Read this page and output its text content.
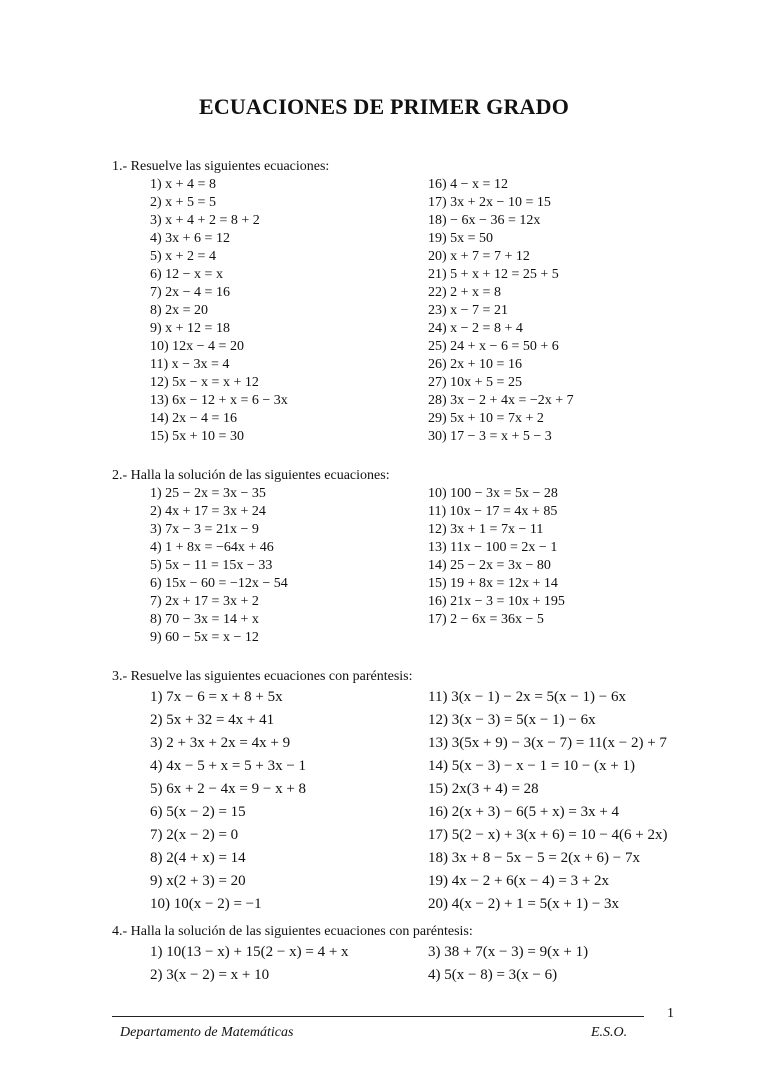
ECUACIONES DE PRIMER GRADO
1.- Resuelve las siguientes ecuaciones:
1) x + 4 = 8	16) 4 − x = 12
2) x + 5 = 5	17) 3x + 2x − 10 = 15
3) x + 4 + 2 = 8 + 2	18) − 6x − 36 = 12x
4) 3x + 6 = 12	19) 5x = 50
5) x + 2 = 4	20) x + 7 = 7 + 12
6) 12 − x = x	21) 5 + x + 12 = 25 + 5
7) 2x − 4 = 16	22) 2 + x = 8
8) 2x = 20	23) x − 7 = 21
9) x + 12 = 18	24) x − 2 = 8 + 4
10) 12x − 4 = 20	25) 24 + x − 6 = 50 + 6
11) x − 3x = 4	26) 2x + 10 = 16
12) 5x − x = x + 12	27) 10x + 5 = 25
13) 6x − 12 + x = 6 − 3x	28) 3x − 2 + 4x = −2x + 7
14) 2x − 4 = 16	29) 5x + 10 = 7x + 2
15) 5x + 10 = 30	30) 17 − 3 = x + 5 − 3
2.- Halla la solución de las siguientes ecuaciones:
1) 25 − 2x = 3x − 35	10) 100 − 3x = 5x − 28
2) 4x + 17 = 3x + 24	11) 10x − 17 = 4x + 85
3) 7x − 3 = 21x − 9	12) 3x + 1 = 7x − 11
4) 1 + 8x = −64x + 46	13) 11x − 100 = 2x − 1
5) 5x − 11 = 15x − 33	14) 25 − 2x = 3x − 80
6) 15x − 60 = −12x − 54	15) 19 + 8x = 12x + 14
7) 2x + 17 = 3x + 2	16) 21x − 3 = 10x + 195
8) 70 − 3x = 14 + x	17) 2 − 6x = 36x − 5
9) 60 − 5x = x − 12
3.- Resuelve las siguientes ecuaciones con paréntesis:
1) 7x − 6 = x + 8 + 5x	11) 3(x − 1) − 2x = 5(x − 1) − 6x
2) 5x + 32 = 4x + 41	12) 3(x − 3) = 5(x − 1) − 6x
3) 2 + 3x + 2x = 4x + 9	13) 3(5x + 9) − 3(x − 7) = 11(x − 2) + 7
4) 4x − 5 + x = 5 + 3x − 1	14) 5(x − 3) − x − 1 = 10 − (x + 1)
5) 6x + 2 − 4x = 9 − x + 8	15) 2x(3 + 4) = 28
6) 5(x − 2) = 15	16) 2(x + 3) − 6(5 + x) = 3x + 4
7) 2(x − 2) = 0	17) 5(2 − x) + 3(x + 6) = 10 − 4(6 + 2x)
8) 2(4 + x) = 14	18) 3x + 8 − 5x − 5 = 2(x + 6) − 7x
9) x(2 + 3) = 20	19) 4x − 2 + 6(x − 4) = 3 + 2x
10) 10(x − 2) = −1	20) 4(x − 2) + 1 = 5(x + 1) − 3x
4.- Halla la solución de las siguientes ecuaciones con paréntesis:
1) 10(13 − x) + 15(2 − x) = 4 + x	3) 38 + 7(x − 3) = 9(x + 1)
2) 3(x − 2) = x + 10	4) 5(x − 8) = 3(x − 6)
1
Departamento de Matemáticas	E.S.O.
